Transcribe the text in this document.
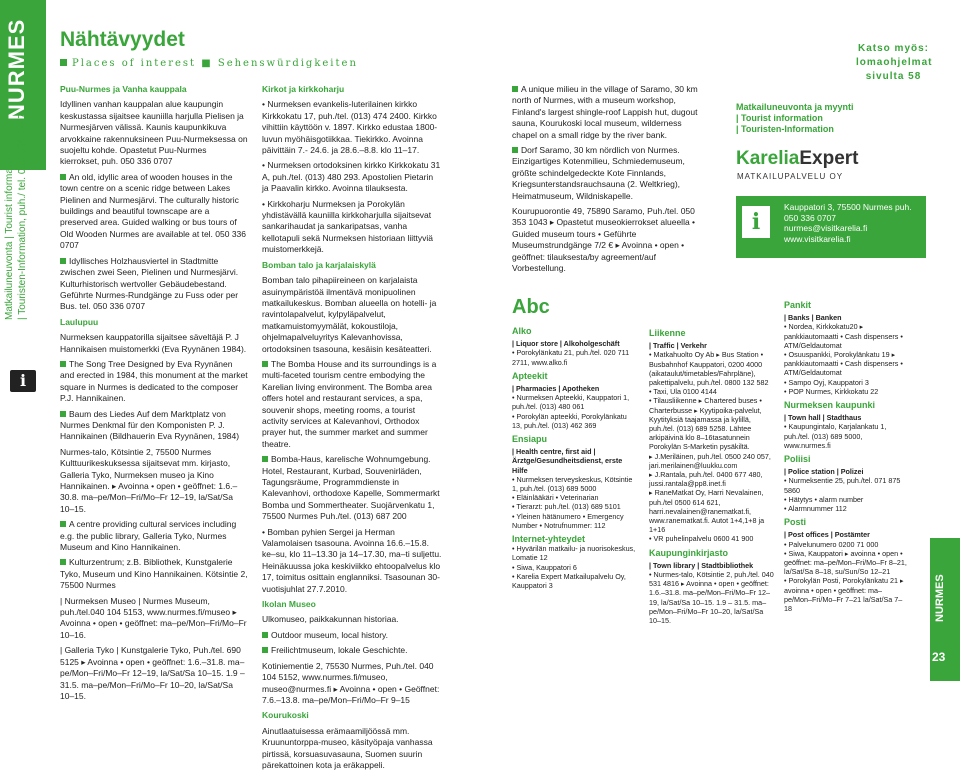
NURMES
Matkailuneuvonta | Tourist information | Touristen-Information, puh./ tel. 050 336 0707
i
Nähtävyydet
Places of interest ■ Sehenswürdigkeiten

Puu-Nurmes ja Vanha kauppala

Idyllinen vanhan kauppalan alue kaupungin keskustassa sijaitsee kauniilla harjulla Pielisen ja Nurmesjärven välissä. Kaunis kaupunkikuva arvokkaine rakennuksineen Puu-Nurmeksessa on suojeltu kohde. Opastetut Puu-Nurmes kierrokset, puh. 050 336 0707

An old, idyllic area of wooden houses in the town centre on a scenic ridge between Lakes Pielinen and Nurmesjärvi. The culturally historic buildings and beautiful townscape are a preserved area. Guided walking or bus tours of Old Wooden Nurmes are available at tel. 050 336 0707

Idyllisches Holzhausviertel in Stadtmitte zwischen zwei Seen, Pielinen und Nurmesjärvi. Kulturhistorisch wertvoller Gebäudebestand. Geführte Nurmes-Rundgänge zu Fuss oder per Bus. tel. 050 336 0707

Laulupuu

Nurmeksen kauppatorilla sijaitsee säveltäjä P. J Hannikaisen muistomerkki (Eva Ryynänen 1984).

The Song Tree Designed by Eva Ryynänen and erected in 1984, this monument at the market square in Nurmes is dedicated to the composer P.J. Hannikainen.

Baum des Liedes Auf dem Marktplatz von Nurmes Denkmal für den Komponisten P. J. Hannikainen (Bildhauerin Eva Ryynänen, 1984)

Nurmes-talo, Kötsintie 2, 75500 Nurmes Kulttuurikeskuksessa sijaitsevat mm. kirjasto, Galleria Tyko, Nurmeksen museo ja Kino Hannikainen. ▸ Avoinna • open • geöffnet: 1.6.–30.8. ma–pe/Mon–Fri/Mo–Fr 12–19, la/Sat/Sa 10–15.

A centre providing cultural services including e.g. the public library, Galleria Tyko, Nurmes Museum and Kino Hannikainen.

Kulturzentrum; z.B. Bibliothek, Kunstgalerie Tyko, Museum und Kino Hannikainen. Kötsintie 2, 75500 Nurmes

| Nurmeksen Museo | Nurmes Museum, puh./tel.040 104 5153, www.nurmes.fi/museo ▸ Avoinna • open • geöffnet: ma–pe/Mon–Fri/Mo–Fr 10–16.

| Galleria Tyko | Kunstgalerie Tyko, Puh./tel. 690 5125 ▸ Avoinna • open • geöffnet: 1.6.–31.8. ma–pe/Mon–Fri/Mo–Fr 12–19, la/Sat/Sa 10–15. 1.9 – 31.5. ma–pe/Mon–Fri/Mo–Fr 10–20, la/Sat/Sa 10–15.

Kirkot ja kirkkoharju

• Nurmeksen evankelis-luterilainen kirkko Kirkkokatu 17, puh./tel. (013) 474 2400. Kirkko vihittiin käyttöön v. 1897. Kirkko edustaa 1800-luvun myöhäisgotiikkaa. Tiekirkko. Avoinna päivittäin 7.- 24.6. ja 28.6.–8.8. klo 11–17.

• Nurmeksen ortodoksinen kirkko Kirkkokatu 31 A, puh./tel. (013) 480 293. Apostolien Pietarin ja Paavalin kirkko. Avoinna tilauksesta.

• Kirkkoharju Nurmeksen ja Porokylän yhdistävällä kauniilla kirkkoharjulla sijaitsevat sankarihaudat ja sankaripatsas, vanha kellotapuli sekä Nurmeksen historiaan liittyviä muistomerkkejä.

Bomban talo ja karjalaiskylä

Bomban talo pihapiireineen on karjalaista asuinympäristöä ilmentävä monipuolinen matkailukeskus. Bomban alueella on hotelli- ja ravintolapalvelut, kylpyläpalvelut, matkamuistomyymälät, kokoustiloja, ohjelmapalveluyritys Kalevanhovissa, ortodoksinen tsasouna, kesäisin kesäteatteri.

The Bomba House and its surroundings is a multi-faceted tourism centre embodying the Karelian living environment. The Bomba area offers hotel and restaurant services, a spa, souvenir shops, meeting rooms, a tourist activity services at Kalevanhovi, Orthodox prayer hut, the summer market and summer theatre.

Bomba-Haus, karelische Wohnumgebung. Hotel, Restaurant, Kurbad, Souvenirläden, Tagungsräume, Programmdienste in Kalevanhovi, orthodoxe Kapelle, Sommermarkt Bomba und Sommertheater. Suojärvenkatu 1, 75500 Nurmes Puh./tel. (013) 687 200

• Bomban pyhien Sergei ja Herman Valamolaisen tsasouna. Avoinna 16.6.–15.8. ke–su, klo 11–13.30 ja 14–17.30, ma–ti suljettu. Heinäkuussa joka keskiviikko ehtoopalvelus klo 17, toimitus osittain englanniksi. Tsasounan 30-vuotisjuhlat 27.7.2010.

Ikolan Museo

Ulkomuseo, paikkakunnan historiaa.

Outdoor museum, local history.

Freilichtmuseum, lokale Geschichte.

Kotiniementie 2, 75530 Nurmes, Puh./tel. 040 104 5152, www.nurmes.fi/museo, museo@nurmes.fi ▸ Avoinna • open • Geöffnet: 7.6.–13.8. ma–pe/Mon–Fri/Mo–Fr 9–15

Kourukoski

Ainutlaatuisessa erämaamiljöössä mm. Kruununtorppa-museo, käsityöpaja vanhassa pirtissä, korsuasuvasauna, Suomen suurin pärekattoinen kota ja eräkappeli.

A unique milieu in the village of Saramo, 30 km north of Nurmes, with a museum workshop, Finland's largest shingle-roof Lappish hut, dugout sauna, Kourukoski local museum, wilderness chapel on a small ridge by the river bank.

Dorf Saramo, 30 km nördlich von Nurmes. Einzigartiges Kotenmilieu, Schmiedemuseum, größte schindelgedeckte Kote Finnlands, Kriegsunterstandsrauchsauna (2. Weltkrieg), Heimatmuseum, Wildniskapelle.

Kourupuorontie 49, 75890 Saramo, Puh./tel. 050 353 1043 ▸ Opastetut museokierrokset alueella • Guided museum tours • Geführte Museumstrundgänge 7/2 € ▸ Avoinna • open • geöffnet: tilauksesta/by agreement/auf Vorbestellung.

Katso myös: lomaohjelmat sivulta 58
Matkailuneuvonta ja myynti
| Tourist information
| Touristen-Information
KareliaExpert
MATKAILUPALVELU OY
i
Kauppatori 3, 75500 Nurmes puh. 050 336 0707 nurmes@visitkarelia.fi www.visitkarelia.fi
Abc
Alko
| Liquor store | Alkoholgeschäft
• Porokylänkatu 21, puh./tel. 020 711 2711, www.alko.fi
Apteekit
| Pharmacies | Apotheken
• Nurmeksen Apteekki, Kauppatori 1, puh./tel. (013) 480 061
• Porokylän apteekki, Porokylänkatu 13, puh./tel. (013) 462 369
Ensiapu
| Health centre, first aid | Ärztge/Gesundheitsdienst, erste Hilfe
• Nurmeksen terveyskeskus, Kötsintie 1, puh./tel. (013) 689 5000
• Eläinlääkäri • Veterinarian
• Tierarzt: puh./tel. (013) 689 5101
• Yleinen hätänumero • Emergency Number • Notrufnummer: 112
Internet-yhteydet
• Hyvärilän matkailu- ja nuorisokeskus, Lomatie 12
• Siwa, Kauppatori 6
• Karelia Expert Matkailupalvelu Oy, Kauppatori 3
Liikenne
| Traffic | Verkehr
• Matkahuolto Oy Ab ▸ Bus Station • Busbahnhof Kauppatori, 0200 4000 (aikataulut/timetables/Fahrpläne), pakettipalvelu, puh./tel. 0800 132 582
• Taxi, Ula 0100 4144
• Tilausliikenne ▸ Chartered buses • Charterbusse ▸ Kyytipoika-palvelut, Kyytityksiä taajamassa ja kylillä, puh./tel. (013) 689 5258. Lähtee arkipäivinä klo 8–16tasatunnein Porokylän S-Marketin pysäkiltä.
▸ J.Meriläinen, puh./tel. 0500 240 057, jari.merilainen@luukku.com
▸ J.Rantala, puh./tel. 0400 677 480, jussi.rantala@pp8.inet.fi
▸ RaneMatkat Oy, Harri Nevalainen, puh./tel 0500 614 621, harri.nevalainen@ranematkat.fi, www.ranematkat.fi. Autot 1+4,1+8 ja 1+16
• VR puhelinpalvelu 0600 41 900
Kaupunginkirjasto
| Town library | Stadtbibliothek
• Nurmes-talo, Kötsintie 2, puh./tel. 040 531 4816 ▸ Avoinna • open • geöffnet: 1.6.–31.8. ma–pe/Mon–Fri/Mo–Fr 12–19, la/Sat/Sa 10–15. 1.9 – 31.5. ma–pe/Mon–Fri/Mo–Fr 10–20, la/Sat/Sa 10–15.
Pankit
| Banks | Banken
• Nordea, Kirkkokatu20 ▸ pankkiautomaatti • Cash dispensers • ATM/Geldautomat
• Osuuspankki, Porokylänkatu 19 ▸ pankkiautomaatti • Cash dispensers • ATM/Geldautomat
• Sampo Oyj, Kauppatori 3
• POP Nurmes, Kirkkokatu 22
Nurmeksen kaupunki
| Town hall | Stadthaus
• Kaupungintalo, Karjalankatu 1, puh./tel. (013) 689 5000, www.nurmes.fi
Poliisi
| Police station | Polizei
• Nurmeksentie 25, puh./tel. 071 875 5860
• Hätytys • alarm number
• Alarmnummer 112
Posti
| Post offices | Postämter
• Palvelunumero 0200 71 000
• Siwa, Kauppatori ▸ avoinna • open • geöffnet: ma–pe/Mon–Fri/Mo–Fr 8–21, la/Sat/Sa 8–18, su/Sun/So 12–21
• Porokylän Posti, Porokylänkatu 21 ▸ avoinna • open • geöffnet: ma–pe/Mon–Fri/Mo–Fr 7–21 la/Sat/Sa 7–18	NURMES
23
